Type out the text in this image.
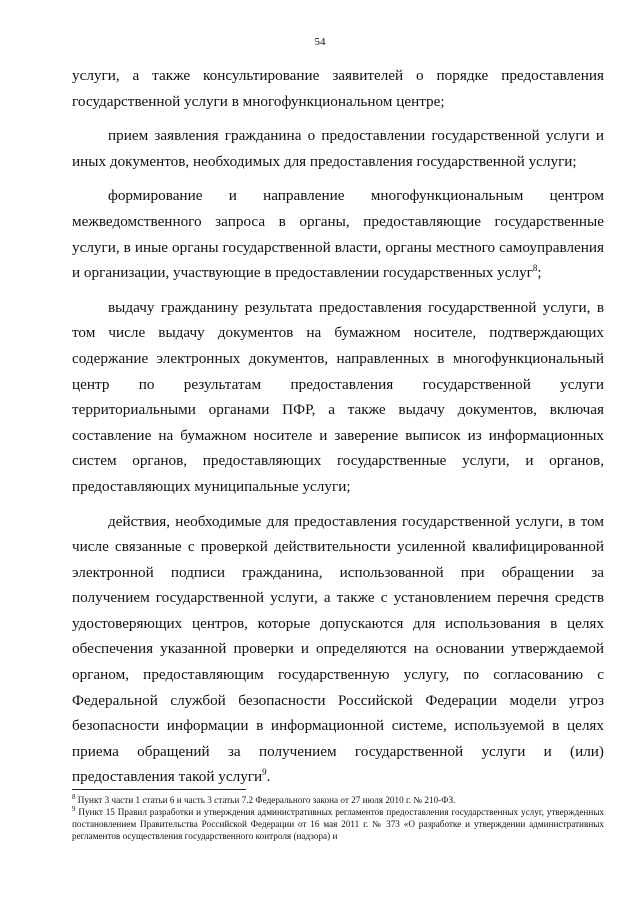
54

услуги, а также консультирование заявителей о порядке предоставления государственной услуги в многофункциональном центре;

прием заявления гражданина о предоставлении государственной услуги и иных документов, необходимых для предоставления государственной услуги;

формирование и направление многофункциональным центром межведомственного запроса в органы, предоставляющие государственные услуги, в иные органы государственной власти, органы местного самоуправления и организации, участвующие в предоставлении государственных услуг$^8$;

выдачу гражданину результата предоставления государственной услуги, в том числе выдачу документов на бумажном носителе, подтверждающих содержание электронных документов, направленных в многофункциональный центр по результатам предоставления государственной услуги территориальными органами ПФР, а также выдачу документов, включая составление на бумажном носителе и заверение выписок из информационных систем органов, предоставляющих государственные услуги, и органов, предоставляющих муниципальные услуги;

действия, необходимые для предоставления государственной услуги, в том числе связанные с проверкой действительности усиленной квалифицированной электронной подписи гражданина, использованной при обращении за получением государственной услуги, а также с установлением перечня средств удостоверяющих центров, которые допускаются для использования в целях обеспечения указанной проверки и определяются на основании утверждаемой органом, предоставляющим государственную услугу, по согласованию с Федеральной службой безопасности Российской Федерации модели угроз безопасности информации в информационной системе, используемой в целях приема обращений за получением государственной услуги и (или) предоставления такой услуги$^9$.

$^8$ Пункт 3 части 1 статьи 6 и часть 3 статьи 7.2 Федерального закона от 27 июля 2010 г. № 210-ФЗ.

$^9$ Пункт 15 Правил разработки и утверждения административных регламентов предоставления государственных услуг, утвержденных постановлением Правительства Российской Федерации от 16 мая 2011 г. № 373 «О разработке и утверждении административных регламентов осуществления государственного контроля (надзора) и
